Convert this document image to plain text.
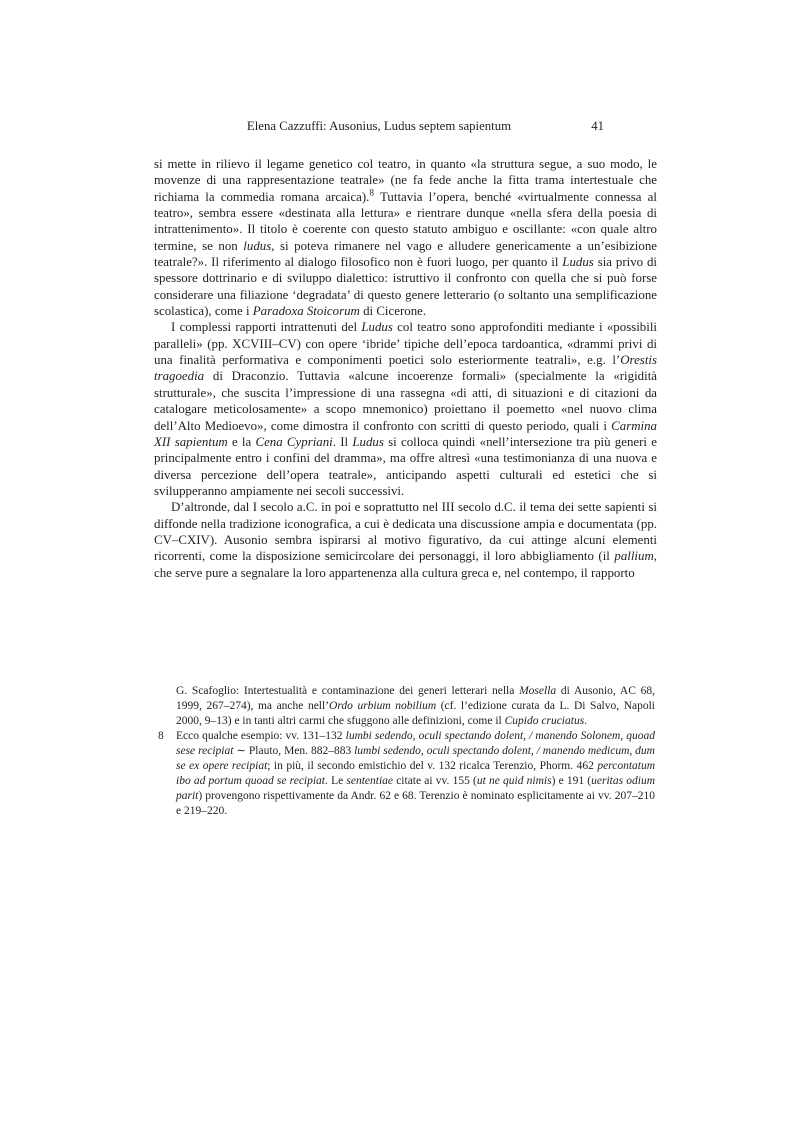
Elena Cazzuffi: Ausonius, Ludus septem sapientum	41

si mette in rilievo il legame genetico col teatro, in quanto «la struttura segue, a suo modo, le movenze di una rappresentazione teatrale» (ne fa fede anche la fitta trama intertestuale che richiama la commedia romana arcaica).$^8$ Tuttavia l’opera, benché «virtualmente connessa al teatro», sembra essere «destinata alla lettura» e rientrare dunque «nella sfera della poesia di intrattenimento». Il titolo è coerente con questo statuto ambiguo e oscillante: «con quale altro termine, se non ludus, si poteva rimanere nel vago e alludere genericamente a un’esibizione teatrale?». Il riferimento al dialogo filosofico non è fuori luogo, per quanto il Ludus sia privo di spessore dottrinario e di sviluppo dialettico: istruttivo il confronto con quella che si può forse considerare una filiazione ‘degradata’ di questo genere letterario (o soltanto una semplificazione scolastica), come i Paradoxa Stoicorum di Cicerone.

I complessi rapporti intrattenuti del Ludus col teatro sono approfonditi mediante i «possibili paralleli» (pp. XCVIII–CV) con opere ‘ibride’ tipiche dell’epoca tardoantica, «drammi privi di una finalità performativa e componimenti poetici solo esteriormente teatrali», e.g. l’Orestis tragoedia di Draconzio. Tuttavia «alcune incoerenze formali» (specialmente la «rigidità strutturale», che suscita l’impressione di una rassegna «di atti, di situazioni e di citazioni da catalogare meticolosamente» a scopo mnemonico) proiettano il poemetto «nel nuovo clima dell’Alto Medioevo», come dimostra il confronto con scritti di questo periodo, quali i Carmina XII sapientum e la Cena Cypriani. Il Ludus si colloca quindi «nell’intersezione tra più generi e principalmente entro i confini del dramma», ma offre altresì «una testimonianza di una nuova e diversa percezione dell’opera teatrale», anticipando aspetti culturali ed estetici che si svilupperanno ampiamente nei secoli successivi.

D’altronde, dal I secolo a.C. in poi e soprattutto nel III secolo d.C. il tema dei sette sapienti si diffonde nella tradizione iconografica, a cui è dedicata una discussione ampia e documentata (pp. CV–CXIV). Ausonio sembra ispirarsi al motivo figurativo, da cui attinge alcuni elementi ricorrenti, come la disposizione semicircolare dei personaggi, il loro abbigliamento (il pallium, che serve pure a segnalare la loro appartenenza alla cultura greca e, nel contempo, il rapporto

G. Scafoglio: Intertestualità e contaminazione dei generi letterari nella Mosella di Ausonio, AC 68, 1999, 267–274), ma anche nell’Ordo urbium nobilium (cf. l’edizione curata da L. Di Salvo, Napoli 2000, 9–13) e in tanti altri carmi che sfuggono alle definizioni, come il Cupido cruciatus.
8 Ecco qualche esempio: vv. 131–132 lumbi sedendo, oculi spectando dolent, / manendo Solonem, quoad sese recipiat ∼ Plauto, Men. 882–883 lumbi sedendo, oculi spectando dolent, / manendo medicum, dum se ex opere recipiat; in più, il secondo emistichio del v. 132 ricalca Terenzio, Phorm. 462 percontatum ibo ad portum quoad se recipiat. Le sententiae citate ai vv. 155 (ut ne quid nimis) e 191 (ueritas odium parit) provengono rispettivamente da Andr. 62 e 68. Terenzio è nominato esplicitamente ai vv. 207–210 e 219–220.
